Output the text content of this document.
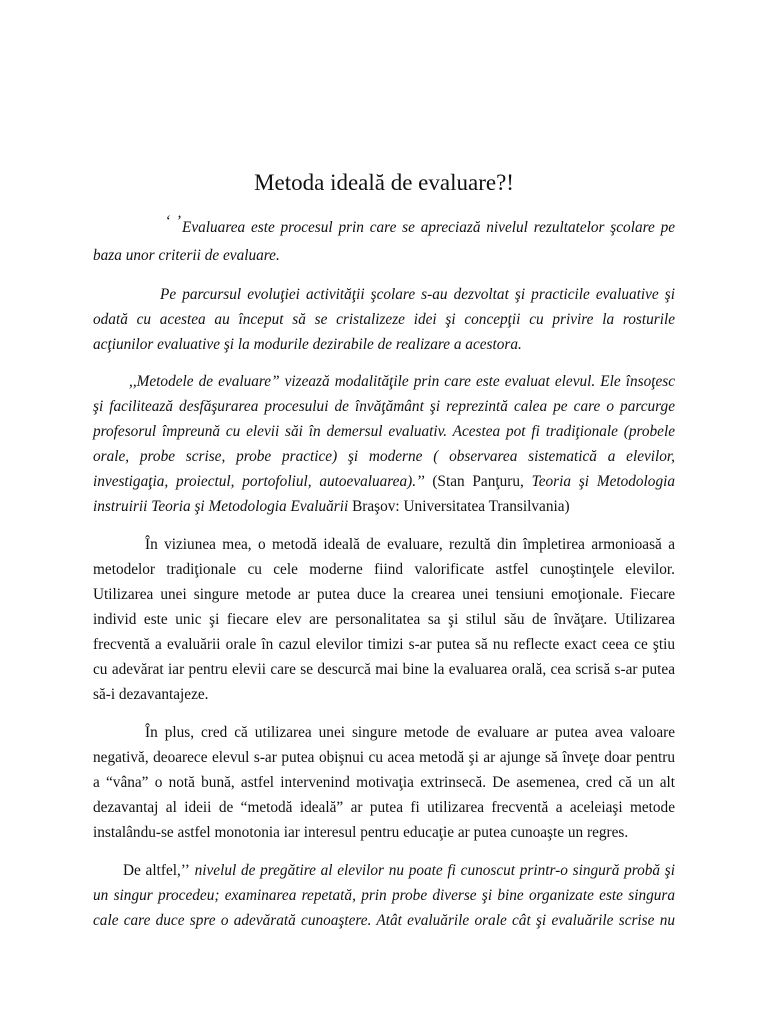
Metoda ideală de evaluare?!
‘ ’Evaluarea este procesul prin care se apreciază nivelul rezultatelor şcolare pe
baza unor criterii de evaluare.
Pe parcursul evoluţiei activităţii şcolare s-au dezvoltat şi practicile evaluative şi
odată cu acestea au început să se cristalizeze idei şi concepţii cu privire la rosturile
acţiunilor evaluative şi la modurile dezirabile de realizare a acestora.
,,Metodele de evaluare” vizează modalităţile prin care este evaluat elevul. Ele însoţesc
şi facilitează desfăşurarea procesului de învăţământ şi reprezintă calea pe care o parcurge
profesorul împreună cu elevii săi în demersul evaluativ. Acestea pot fi tradiţionale (probele
orale, probe scrise, probe practice) şi moderne ( observarea sistematică a elevilor,
investigaţia, proiectul, portofoliul, autoevaluarea).’’ (Stan Panţuru, Teoria şi Metodologia
instruirii Teoria şi Metodologia Evaluării Braşov: Universitatea Transilvania)
În viziunea mea, o metodă ideală de evaluare, rezultă din împletirea armonioasă a
metodelor tradiţionale cu cele moderne fiind valorificate astfel cunoştinţele elevilor.
Utilizarea unei singure metode ar putea duce la crearea unei tensiuni emoţionale. Fiecare
individ este unic şi fiecare elev are personalitatea sa şi stilul său de învăţare. Utilizarea
frecventă a evaluării orale în cazul elevilor timizi s-ar putea să nu reflecte exact ceea ce ştiu
cu adevărat iar pentru elevii care se descurcă mai bine la evaluarea orală, cea scrisă s-ar putea
să-i dezavantajeze.
În plus, cred că utilizarea unei singure metode de evaluare ar putea avea valoare
negativă, deoarece elevul s-ar putea obişnui cu acea metodă şi ar ajunge să înveţe doar pentru
a “vâna” o notă bună, astfel intervenind motivaţia extrinsecă. De asemenea, cred că un alt
dezavantaj al ideii de “metodă ideală” ar putea fi utilizarea frecventă a aceleiaşi metode
instalându-se astfel monotonia iar interesul pentru educaţie ar putea cunoaşte un regres.
De altfel,’’ nivelul de pregătire al elevilor nu poate fi cunoscut printr-o singură probă şi
un singur procedeu; examinarea repetată, prin probe diverse şi bine organizate este singura
cale care duce spre o adevărată cunoaştere. Atât evaluările orale cât şi evaluările scrise nu
